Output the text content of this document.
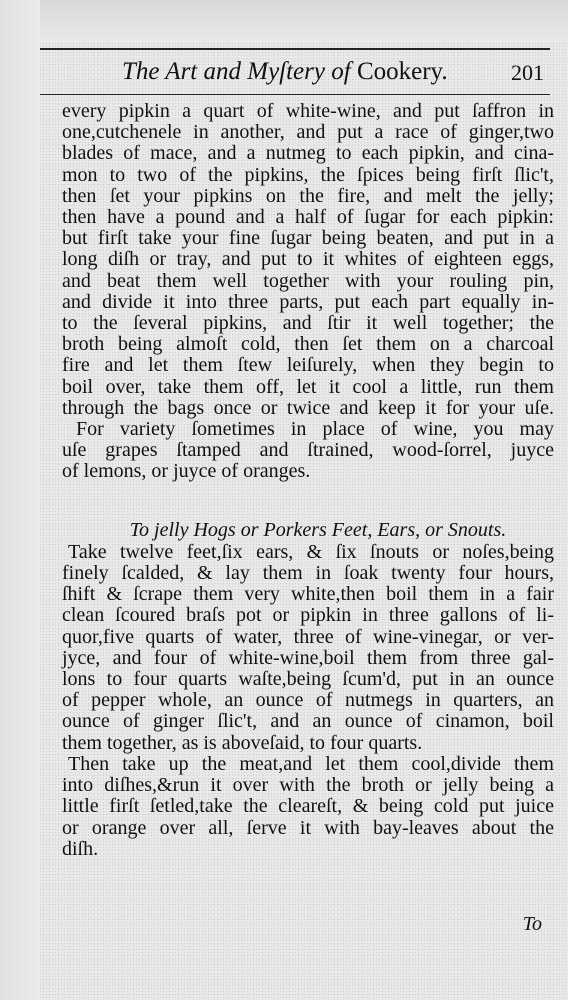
The Art and Myſtery of Cookery.	201
every pipkin a quart of white-wine, and put ſaffron in
one,cutchenele in another, and put a race of ginger,two
blades of mace, and a nutmeg to each pipkin, and cina-
mon to two of the pipkins, the ſpices being firſt ſlic't,
then ſet your pipkins on the fire, and melt the jelly;
then have a pound and a half of ſugar for each pipkin:
but firſt take your fine ſugar being beaten, and put in a
long diſh or tray, and put to it whites of eighteen eggs,
and beat them well together with your rouling pin,
and divide it into three parts, put each part equally in-
to the ſeveral pipkins, and ſtir it well together; the
broth being almoſt cold, then ſet them on a charcoal
fire and let them ſtew leiſurely, when they begin to
boil over, take them off, let it cool a little, run them
through the bags once or twice and keep it for your uſe.
For variety ſometimes in place of wine, you may
uſe grapes ſtamped and ſtrained, wood-ſorrel, juyce
of lemons, or juyce of oranges.
To jelly Hogs or Porkers Feet, Ears, or Snouts.
Take twelve feet,ſix ears, & ſix ſnouts or noſes,being
finely ſcalded, & lay them in ſoak twenty four hours,
ſhift & ſcrape them very white,then boil them in a fair
clean ſcoured braſs pot or pipkin in three gallons of li-
quor,five quarts of water, three of wine-vinegar, or ver-
jyce, and four of white-wine,boil them from three gal-
lons to four quarts waſte,being ſcum'd, put in an ounce
of pepper whole, an ounce of nutmegs in quarters, an
ounce of ginger ſlic't, and an ounce of cinamon, boil
them together, as is aboveſaid, to four quarts.
Then take up the meat,and let them cool,divide them
into diſhes,&run it over with the broth or jelly being a
little firſt ſetled,take the cleareſt, & being cold put juice
or orange over all, ſerve it with bay-leaves about the
diſh.
To
